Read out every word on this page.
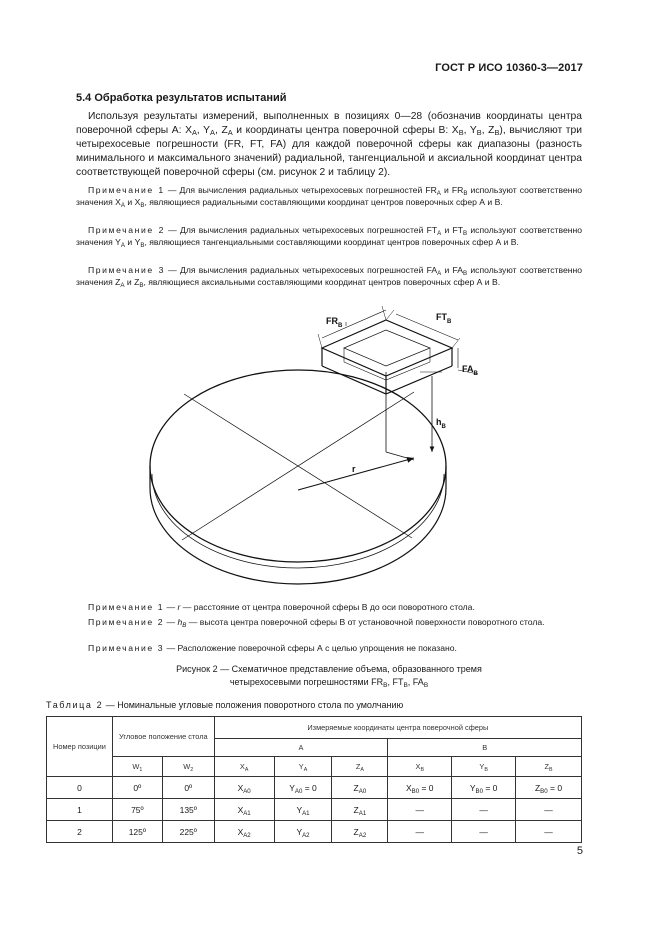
ГОСТ Р ИСО 10360-3—2017
5.4 Обработка результатов испытаний

Используя результаты измерений, выполненных в позициях 0—28 (обозначив координаты центра поверочной сферы A: $X_A$, $Y_A$, $Z_A$ и координаты центра поверочной сферы B: $X_B$, $Y_B$, $Z_B$), вычисляют три четырехосевые погрешности (FR, FT, FA) для каждой поверочной сферы как диапазоны (разность минимального и максимального значений) радиальной, тангенциальной и аксиальной координат центра соответствующей поверочной сферы (см. рисунок 2 и таблицу 2).

Примечание 1 — Для вычисления радиальных четырехосевых погрешностей $FR_A$ и $FR_B$ используют соответственно значения $X_A$ и $X_B$, являющиеся радиальными составляющими координат центров поверочных сфер А и В.

Примечание 2 — Для вычисления радиальных четырехосевых погрешностей $FT_A$ и $FT_B$ используют соответственно значения $Y_A$ и $Y_B$, являющиеся тангенциальными составляющими координат центров поверочных сфер А и В.

Примечание 3 — Для вычисления радиальных четырехосевых погрешностей $FA_A$ и $FA_B$ используют соответственно значения $Z_A$ и $Z_B$, являющиеся аксиальными составляющими координат центров поверочных сфер А и В.

r
$h_B$
$FR_B$
$FT_B$
$FA_B$

Примечание 1 — r — расстояние от центра поверочной сферы В до оси поворотного стола.

Примечание 2 — $h_B$ — высота центра поверочной сферы В от установочной поверхности поворотного стола.

Примечание 3 — Расположение поверочной сферы А с целью упрощения не показано.

Рисунок 2 — Схематичное представление объема, образованного тремя
четырехосевыми погрешностями $FR_B$, $FT_B$, $FA_B$
Таблица 2 — Номинальные угловые положения поворотного стола по умолчанию
Номер позиции	Угловое положение стола		Измеряемые координаты центра поверочной сферы					
			A			B		
	$W_1$	$W_2$	$X_A$	$Y_A$	$Z_A$	$X_B$	$Y_B$	$Z_B$
0	0º	0º	$X_{A0}$	$Y_{A0} = 0$	$Z_{A0}$	$X_{B0} = 0$	$Y_{B0} = 0$	$Z_{B0} = 0$
1	75º	135º	$X_{A1}$	$Y_{A1}$	$Z_{A1}$	—	—	—
2	125º	225º	$X_{A2}$	$Y_{A2}$	$Z_{A2}$	—	—	—
5
